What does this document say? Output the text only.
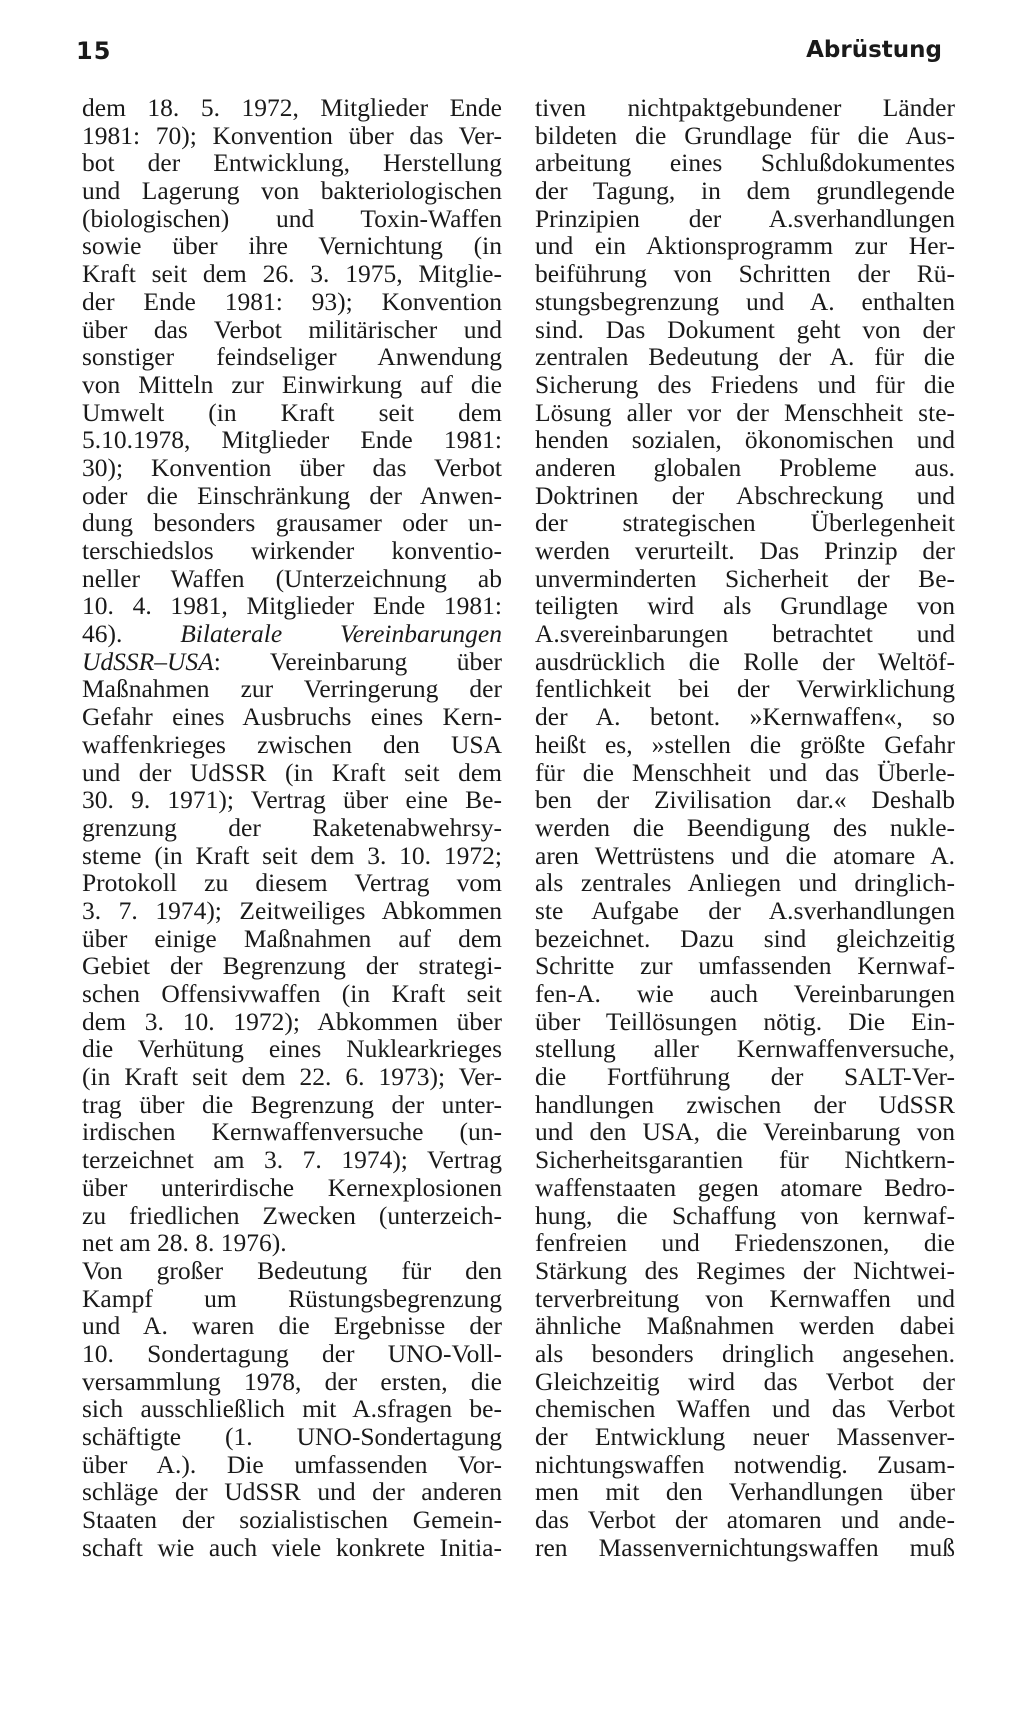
15	Abrüstung
dem 18. 5. 1972, Mitglieder Ende
1981: 70); Konvention über das Ver-
bot der Entwicklung, Herstellung
und Lagerung von bakteriologischen
(biologischen) und Toxin-Waffen
sowie über ihre Vernichtung (in
Kraft seit dem 26. 3. 1975, Mitglie-
der Ende 1981: 93); Konvention
über das Verbot militärischer und
sonstiger feindseliger Anwendung
von Mitteln zur Einwirkung auf die
Umwelt (in Kraft seit dem
5.10.1978, Mitglieder Ende 1981:
30); Konvention über das Verbot
oder die Einschränkung der Anwen-
dung besonders grausamer oder un-
terschiedslos wirkender konventio-
neller Waffen (Unterzeichnung ab
10. 4. 1981, Mitglieder Ende 1981:
46). Bilaterale Vereinbarungen
UdSSR–USA: Vereinbarung über
Maßnahmen zur Verringerung der
Gefahr eines Ausbruchs eines Kern-
waffenkrieges zwischen den USA
und der UdSSR (in Kraft seit dem
30. 9. 1971); Vertrag über eine Be-
grenzung der Raketenabwehrsy-
steme (in Kraft seit dem 3. 10. 1972;
Protokoll zu diesem Vertrag vom
3. 7. 1974); Zeitweiliges Abkommen
über einige Maßnahmen auf dem
Gebiet der Begrenzung der strategi-
schen Offensivwaffen (in Kraft seit
dem 3. 10. 1972); Abkommen über
die Verhütung eines Nuklearkrieges
(in Kraft seit dem 22. 6. 1973); Ver-
trag über die Begrenzung der unter-
irdischen Kernwaffenversuche (un-
terzeichnet am 3. 7. 1974); Vertrag
über unterirdische Kernexplosionen
zu friedlichen Zwecken (unterzeich-
net am 28. 8. 1976).
Von großer Bedeutung für den
Kampf um Rüstungsbegrenzung
und A. waren die Ergebnisse der
10. Sondertagung der UNO-Voll-
versammlung 1978, der ersten, die
sich ausschließlich mit A.sfragen be-
schäftigte (1. UNO-Sondertagung
über A.). Die umfassenden Vor-
schläge der UdSSR und der anderen
Staaten der sozialistischen Gemein-
schaft wie auch viele konkrete Initia-
tiven nichtpaktgebundener Länder
bildeten die Grundlage für die Aus-
arbeitung eines Schlußdokumentes
der Tagung, in dem grundlegende
Prinzipien der A.sverhandlungen
und ein Aktionsprogramm zur Her-
beiführung von Schritten der Rü-
stungsbegrenzung und A. enthalten
sind. Das Dokument geht von der
zentralen Bedeutung der A. für die
Sicherung des Friedens und für die
Lösung aller vor der Menschheit ste-
henden sozialen, ökonomischen und
anderen globalen Probleme aus.
Doktrinen der Abschreckung und
der strategischen Überlegenheit
werden verurteilt. Das Prinzip der
unverminderten Sicherheit der Be-
teiligten wird als Grundlage von
A.svereinbarungen betrachtet und
ausdrücklich die Rolle der Weltöf-
fentlichkeit bei der Verwirklichung
der A. betont. »Kernwaffen«, so
heißt es, »stellen die größte Gefahr
für die Menschheit und das Überle-
ben der Zivilisation dar.« Deshalb
werden die Beendigung des nukle-
aren Wettrüstens und die atomare A.
als zentrales Anliegen und dringlich-
ste Aufgabe der A.sverhandlungen
bezeichnet. Dazu sind gleichzeitig
Schritte zur umfassenden Kernwaf-
fen-A. wie auch Vereinbarungen
über Teillösungen nötig. Die Ein-
stellung aller Kernwaffenversuche,
die Fortführung der SALT-Ver-
handlungen zwischen der UdSSR
und den USA, die Vereinbarung von
Sicherheitsgarantien für Nichtkern-
waffenstaaten gegen atomare Bedro-
hung, die Schaffung von kernwaf-
fenfreien und Friedenszonen, die
Stärkung des Regimes der Nichtwei-
terverbreitung von Kernwaffen und
ähnliche Maßnahmen werden dabei
als besonders dringlich angesehen.
Gleichzeitig wird das Verbot der
chemischen Waffen und das Verbot
der Entwicklung neuer Massenver-
nichtungswaffen notwendig. Zusam-
men mit den Verhandlungen über
das Verbot der atomaren und ande-
ren Massenvernichtungswaffen muß
